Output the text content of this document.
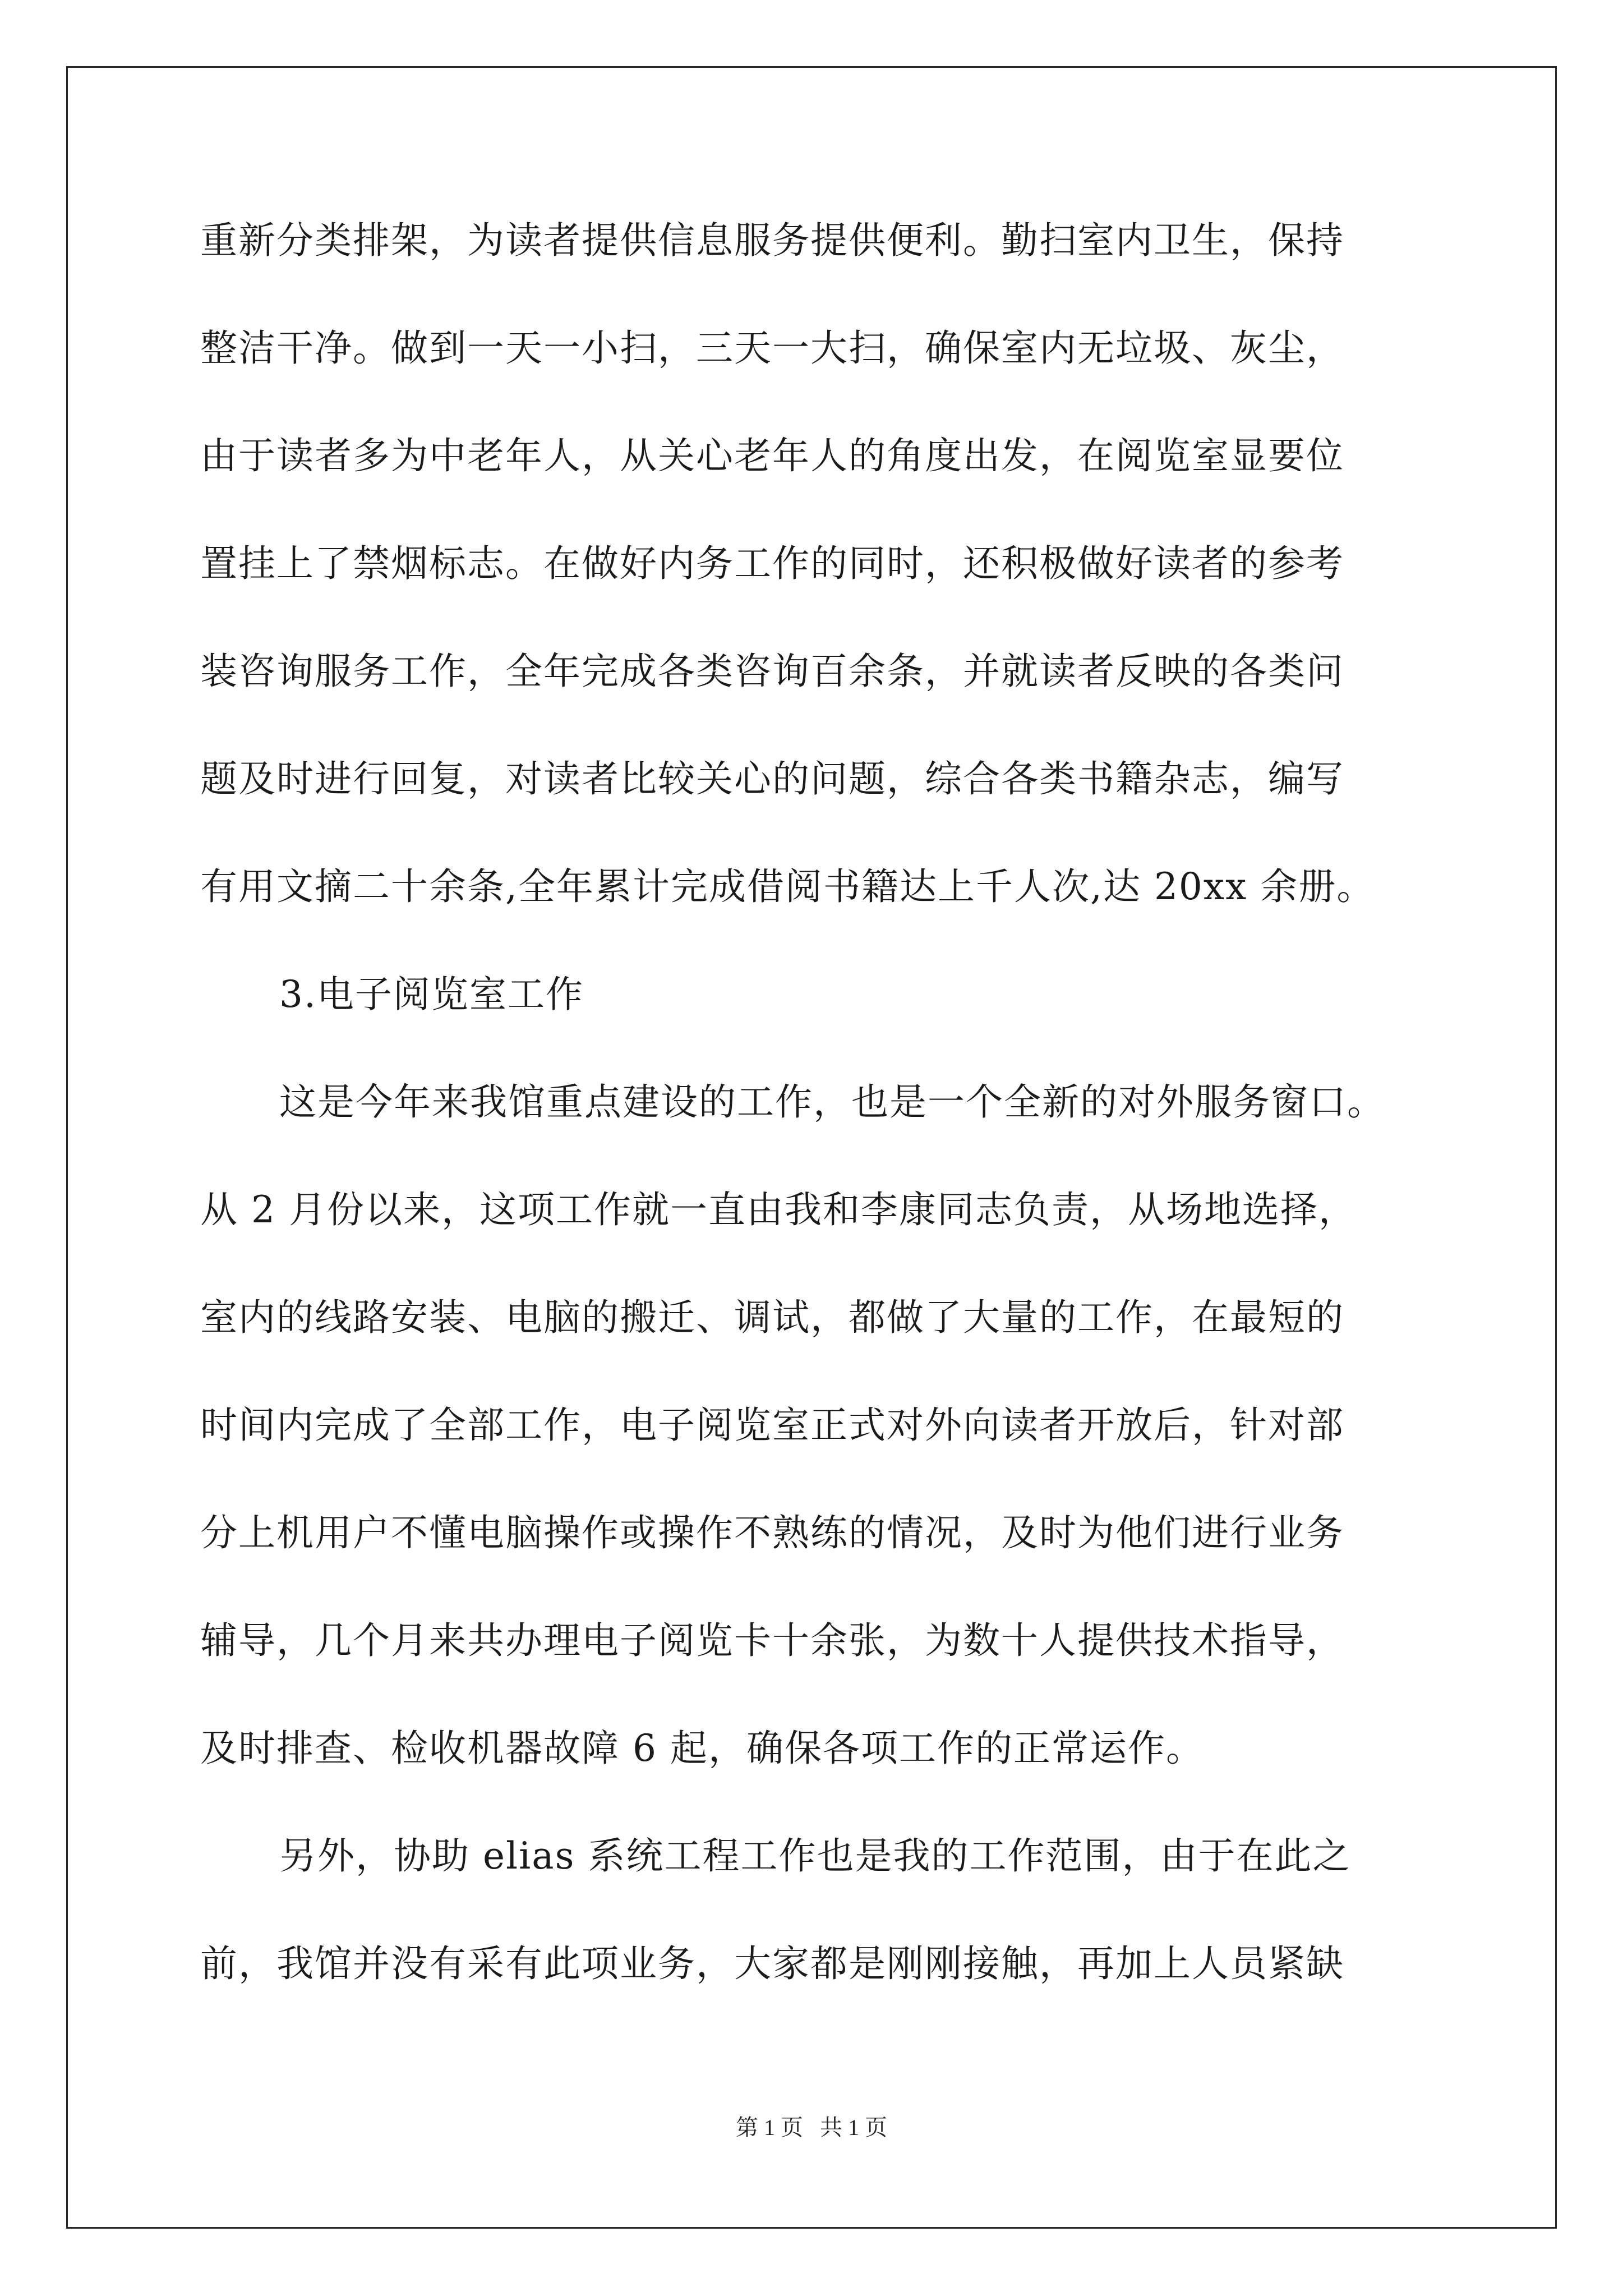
重新分类排架，为读者提供信息服务提供便利。勤扫室内卫生，保持
整洁干净。做到一天一小扫，三天一大扫，确保室内无垃圾、灰尘，
由于读者多为中老年人，从关心老年人的角度出发，在阅览室显要位
置挂上了禁烟标志。在做好内务工作的同时，还积极做好读者的参考
装咨询服务工作，全年完成各类咨询百余条，并就读者反映的各类问
题及时进行回复，对读者比较关心的问题，综合各类书籍杂志，编写
有用文摘二十余条,全年累计完成借阅书籍达上千人次,达 20xx 余册。
3.电子阅览室工作
这是今年来我馆重点建设的工作，也是一个全新的对外服务窗口。
从 2 月份以来，这项工作就一直由我和李康同志负责，从场地选择，
室内的线路安装、电脑的搬迁、调试，都做了大量的工作，在最短的
时间内完成了全部工作，电子阅览室正式对外向读者开放后，针对部
分上机用户不懂电脑操作或操作不熟练的情况，及时为他们进行业务
辅导，几个月来共办理电子阅览卡十余张，为数十人提供技术指导，
及时排查、检收机器故障 6 起，确保各项工作的正常运作。
另外，协助 elias 系统工程工作也是我的工作范围，由于在此之
前，我馆并没有采有此项业务，大家都是刚刚接触，再加上人员紧缺
第 1 页   共 1 页
